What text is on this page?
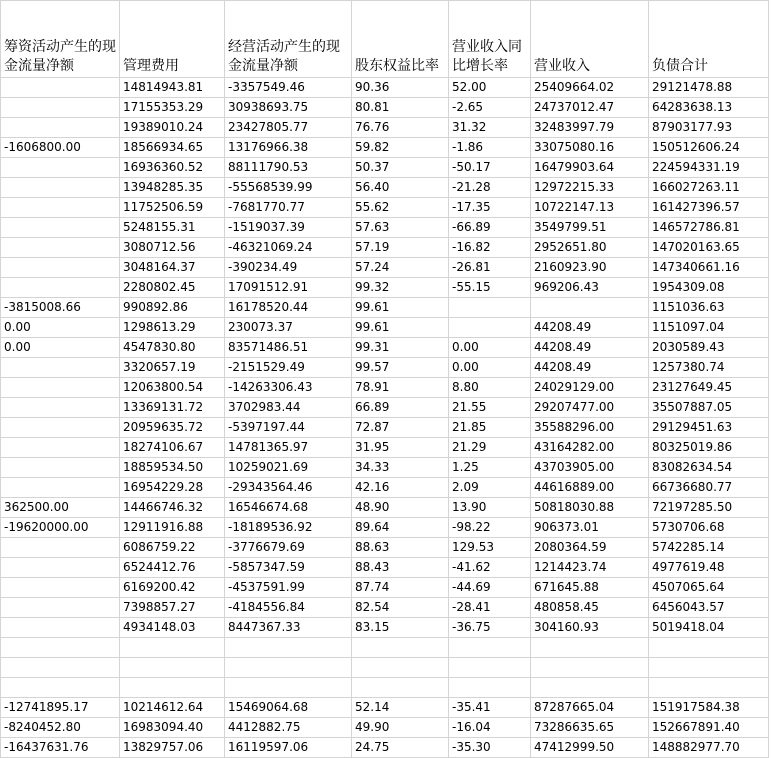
筹资活动产生的现金流量净额	管理费用	经营活动产生的现金流量净额	股东权益比率	营业收入同比增长率	营业收入	负债合计
	14814943.81	-3357549.46	90.36	52.00	25409664.02	29121478.88
	17155353.29	30938693.75	80.81	-2.65	24737012.47	64283638.13
	19389010.24	23427805.77	76.76	31.32	32483997.79	87903177.93
-1606800.00	18566934.65	13176966.38	59.82	-1.86	33075080.16	150512606.24
	16936360.52	88111790.53	50.37	-50.17	16479903.64	224594331.19
	13948285.35	-55568539.99	56.40	-21.28	12972215.33	166027263.11
	11752506.59	-7681770.77	55.62	-17.35	10722147.13	161427396.57
	5248155.31	-1519037.39	57.63	-66.89	3549799.51	146572786.81
	3080712.56	-46321069.24	57.19	-16.82	2952651.80	147020163.65
	3048164.37	-390234.49	57.24	-26.81	2160923.90	147340661.16
	2280802.45	17091512.91	99.32	-55.15	969206.43	1954309.08
-3815008.66	990892.86	16178520.44	99.61			1151036.63
0.00	1298613.29	230073.37	99.61		44208.49	1151097.04
0.00	4547830.80	83571486.51	99.31	0.00	44208.49	2030589.43
	3320657.19	-2151529.49	99.57	0.00	44208.49	1257380.74
	12063800.54	-14263306.43	78.91	8.80	24029129.00	23127649.45
	13369131.72	3702983.44	66.89	21.55	29207477.00	35507887.05
	20959635.72	-5397197.44	72.87	21.85	35588296.00	29129451.63
	18274106.67	14781365.97	31.95	21.29	43164282.00	80325019.86
	18859534.50	10259021.69	34.33	1.25	43703905.00	83082634.54
	16954229.28	-29343564.46	42.16	2.09	44616889.00	66736680.77
362500.00	14466746.32	16546674.68	48.90	13.90	50818030.88	72197285.50
-19620000.00	12911916.88	-18189536.92	89.64	-98.22	906373.01	5730706.68
	6086759.22	-3776679.69	88.63	129.53	2080364.59	5742285.14
	6524412.76	-5857347.59	88.43	-41.62	1214423.74	4977619.48
	6169200.42	-4537591.99	87.74	-44.69	671645.88	4507065.64
	7398857.27	-4184556.84	82.54	-28.41	480858.45	6456043.57
	4934148.03	8447367.33	83.15	-36.75	304160.93	5019418.04

-12741895.17	10214612.64	15469064.68	52.14	-35.41	87287665.04	151917584.38
-8240452.80	16983094.40	4412882.75	49.90	-16.04	73286635.65	152667891.40
-16437631.76	13829757.06	16119597.06	24.75	-35.30	47412999.50	148882977.70
